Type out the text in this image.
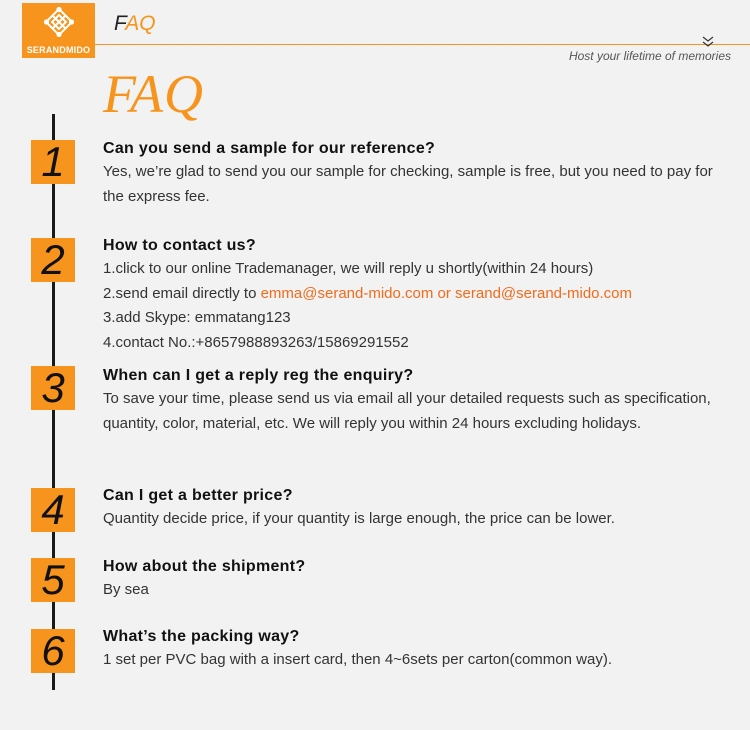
SERANDMIDO
FAQ
Host your lifetime of memories
FAQ
1	Can you send a sample for our reference?
Yes, we’re glad to send you our sample for checking, sample is free, but you need to pay for the express fee.
2	How to contact us?
1.click to our online Trademanager, we will reply u shortly(within 24 hours)
2.send email directly to emma@serand-mido.com or serand@serand-mido.com
3.add Skype: emmatang123
4.contact No.:+8657988893263/15869291552
3	When can I get a reply reg the enquiry?
To save your time, please send us via email all your detailed requests such as specification, quantity, color, material, etc. We will reply you within 24 hours excluding holidays.
4	Can I get a better price?
Quantity decide price, if your quantity is large enough, the price can be lower.
5	How about the shipment?
By sea
6	What’s the packing way?
1 set per PVC bag with a insert card, then 4~6sets per carton(common way).
